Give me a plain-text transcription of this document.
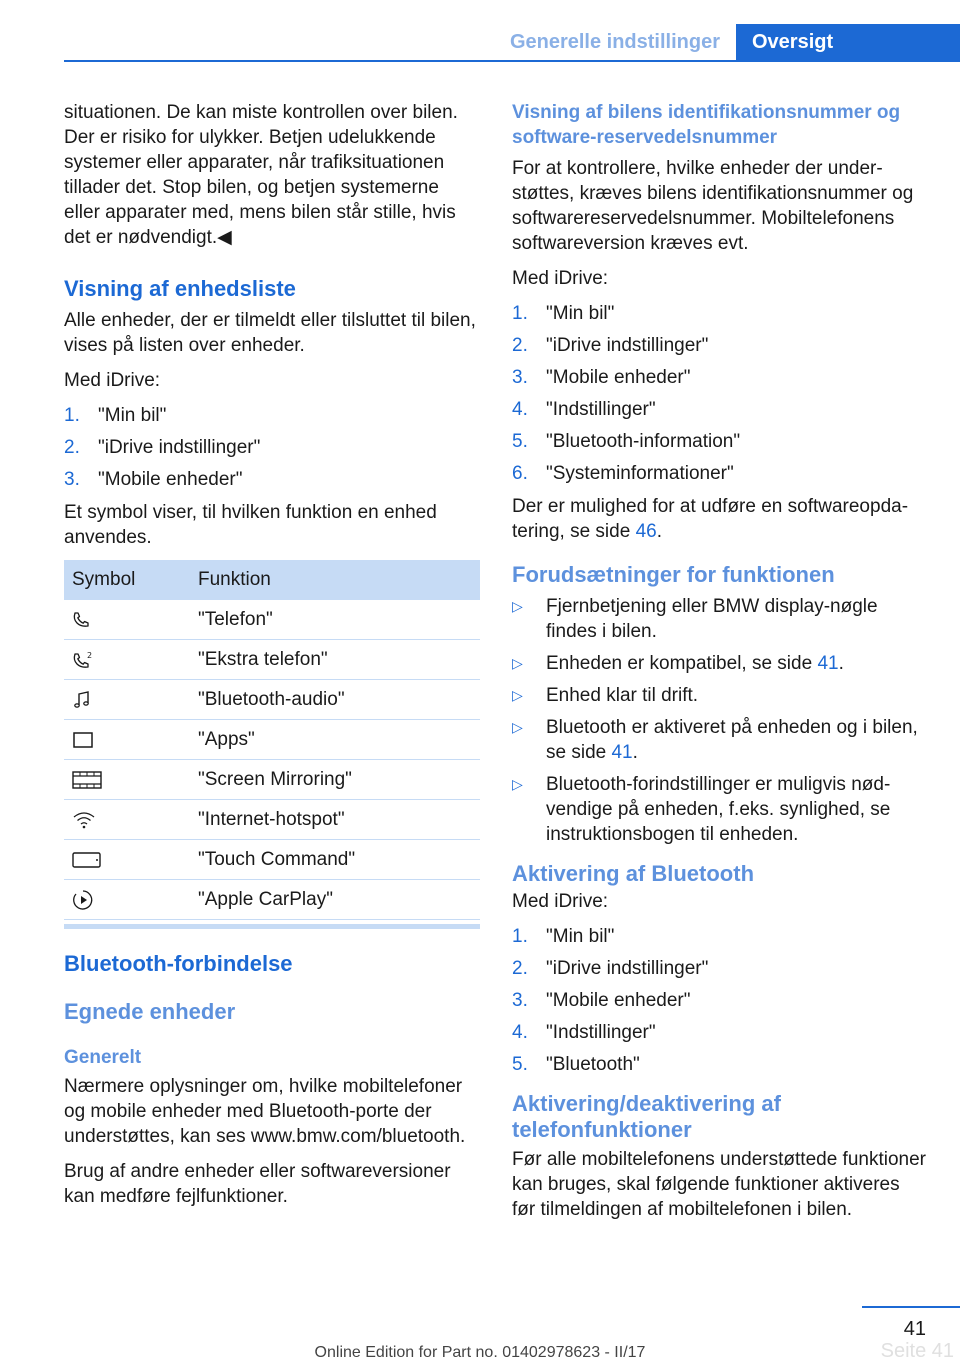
Generelle indstillinger	Oversigt

situationen. De kan miste kontrollen over bilen. Der er risiko for ulykker. Betjen udelukkende systemer eller apparater, når trafiksituationen tillader det. Stop bilen, og betjen systemerne eller apparater med, mens bilen står stille, hvis det er nødvendigt.◀

Visning af enhedsliste

Alle enheder, der er tilmeldt eller tilsluttet til bilen, vises på listen over enheder.

Med iDrive:

1. "Min bil"
2. "iDrive indstillinger"
3. "Mobile enheder"

Et symbol viser, til hvilken funktion en enhed anvendes.

Symbol	Funktion

	"Telefon"

2	"Ekstra telefon"

	"Bluetooth-audio"

	"Apps"

	"Screen Mirroring"

	"Internet-hotspot"

	"Touch Command"

	"Apple CarPlay"
Bluetooth-forbindelse
Egnede enheder
Generelt

Nærmere oplysninger om, hvilke mobiltelefoner og mobile enheder med Bluetooth-porte der understøttes, kan ses www.bmw.com/bluetooth.

Brug af andre enheder eller softwareversioner kan medføre fejlfunktioner.

Visning af bilens identifikationsnummer og software-reservedelsnummer

For at kontrollere, hvilke enheder der understøttes, kræves bilens identifikationsnummer og softwarereservedelsnummer. Mobiltelefonens softwareversion kræves evt.

Med iDrive:

1. "Min bil"
2. "iDrive indstillinger"
3. "Mobile enheder"
4. "Indstillinger"
5. "Bluetooth-information"
6. "Systeminformationer"

Der er mulighed for at udføre en softwareopdatering, se side 46.

Forudsætninger for funktionen
▷ Fjernbetjening eller BMW display-nøgle findes i bilen.
▷ Enheden er kompatibel, se side 41.
▷ Enhed klar til drift.
▷ Bluetooth er aktiveret på enheden og i bilen, se side 41.
▷ Bluetooth-forindstillinger er muligvis nødvendige på enheden, f.eks. synlighed, se instruktionsbogen til enheden.
Aktivering af Bluetooth

Med iDrive:

1. "Min bil"
2. "iDrive indstillinger"
3. "Mobile enheder"
4. "Indstillinger"
5. "Bluetooth"
Aktivering/deaktivering af telefonfunktioner

Før alle mobiltelefonens understøttede funktioner kan bruges, skal følgende funktioner aktiveres før tilmeldingen af mobiltelefonen i bilen.

41
Seite 41
Online Edition for Part no. 01402978623 - II/17
